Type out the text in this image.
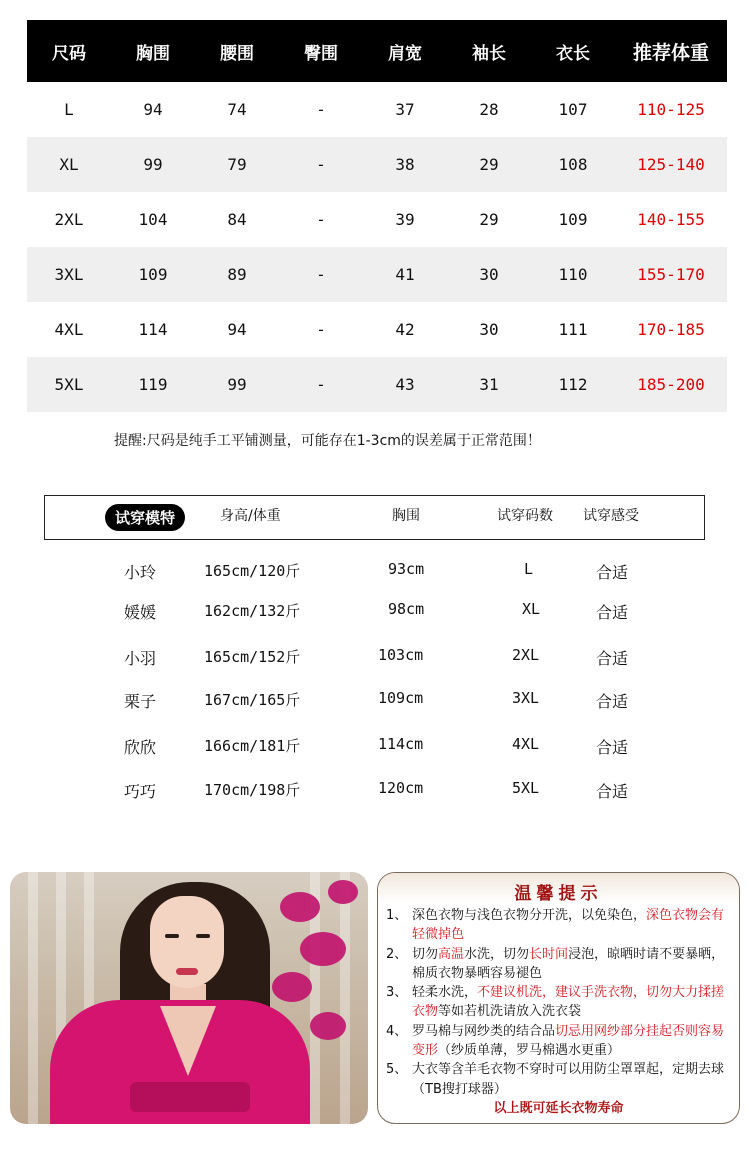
尺码	胸围	腰围	臀围	肩宽	袖长	衣长	推荐体重
L	94	74	-	37	28	107	110-125
XL	99	79	-	38	29	108	125-140
2XL	104	84	-	39	29	109	140-155
3XL	109	89	-	41	30	110	155-170
4XL	114	94	-	42	30	111	170-185
5XL	119	99	-	43	31	112	185-200
提醒:尺码是纯手工平铺测量，可能存在1-3cm的误差属于正常范围！
试穿模特	身高/体重	胸围	试穿码数 试穿感受
小玲	165cm/120斤	93cm	L	合适
媛媛	162cm/132斤	98cm	XL	合适
小羽	165cm/152斤	103cm	2XL	合适
栗子	167cm/165斤	109cm	3XL	合适
欣欣	166cm/181斤	114cm	4XL	合适
巧巧	170cm/198斤	120cm	5XL	合适
温馨提示
1、 深色衣物与浅色衣物分开洗，以免染色，深色衣物会有轻微掉色
2、 切勿高温水洗，切勿长时间浸泡，晾晒时请不要暴晒，棉质衣物暴晒容易褪色
3、 轻柔水洗，不建议机洗，建议手洗衣物，切勿大力揉搓衣物等如若机洗请放入洗衣袋
4、 罗马棉与网纱类的结合品切忌用网纱部分挂起否则容易变形（纱质单薄，罗马棉遇水更重）
5、 大衣等含羊毛衣物不穿时可以用防尘罩罩起，定期去球（TB搜打球器）
以上既可延长衣物寿命
